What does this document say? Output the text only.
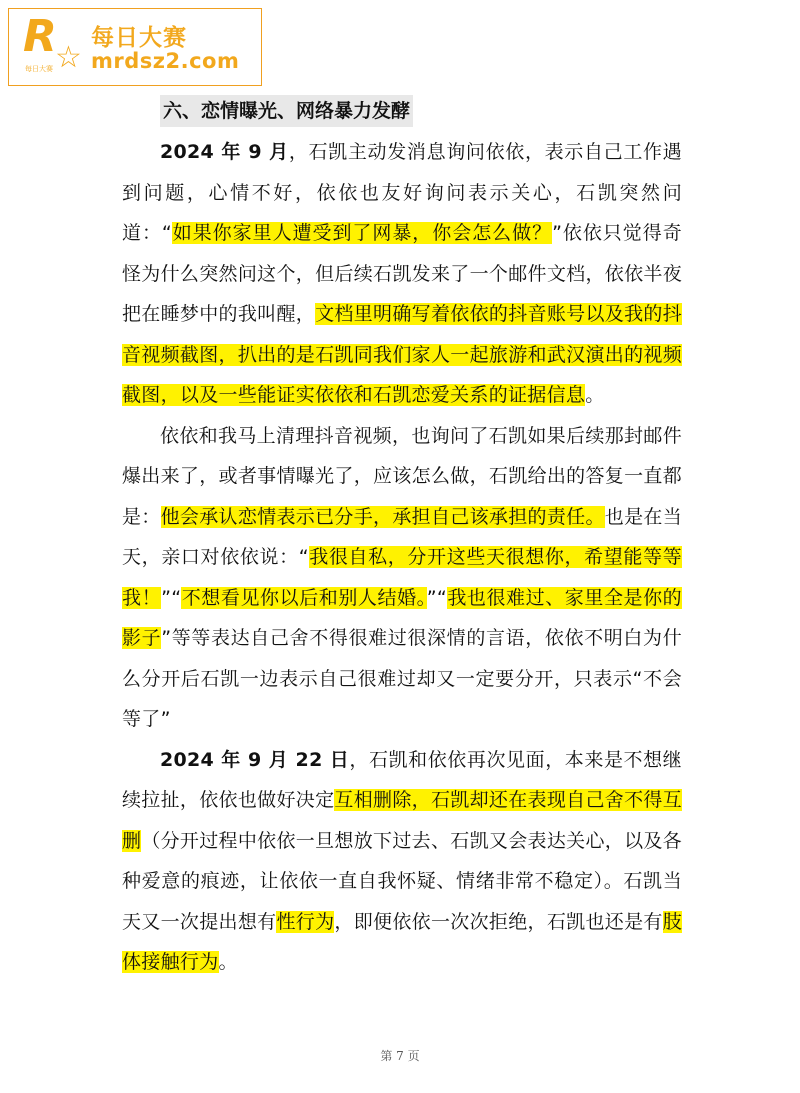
R
☆
每日大赛
每日大赛
mrdsz2.com
六、恋情曝光、网络暴力发酵

2024 年 9 月，石凯主动发消息询问依依，表示自己工作遇到问题，心情不好，依依也友好询问表示关心，石凯突然问道：“如果你家里人遭受到了网暴，你会怎么做？”依依只觉得奇怪为什么突然问这个，但后续石凯发来了一个邮件文档，依依半夜把在睡梦中的我叫醒，文档里明确写着依依的抖音账号以及我的抖音视频截图，扒出的是石凯同我们家人一起旅游和武汉演出的视频截图，以及一些能证实依依和石凯恋爱关系的证据信息。

依依和我马上清理抖音视频，也询问了石凯如果后续那封邮件爆出来了，或者事情曝光了，应该怎么做，石凯给出的答复一直都是：他会承认恋情表示已分手，承担自己该承担的责任。也是在当天，亲口对依依说：“我很自私，分开这些天很想你，希望能等等我！”“不想看见你以后和别人结婚。”“我也很难过、家里全是你的影子”等等表达自己舍不得很难过很深情的言语，依依不明白为什么分开后石凯一边表示自己很难过却又一定要分开，只表示“不会等了”

2024 年 9 月 22 日，石凯和依依再次见面，本来是不想继续拉扯，依依也做好决定互相删除，石凯却还在表现自己舍不得互删（分开过程中依依一旦想放下过去、石凯又会表达关心，以及各种爱意的痕迹，让依依一直自我怀疑、情绪非常不稳定）。石凯当天又一次提出想有性行为，即便依依一次次拒绝，石凯也还是有肢体接触行为。

第 7 页
